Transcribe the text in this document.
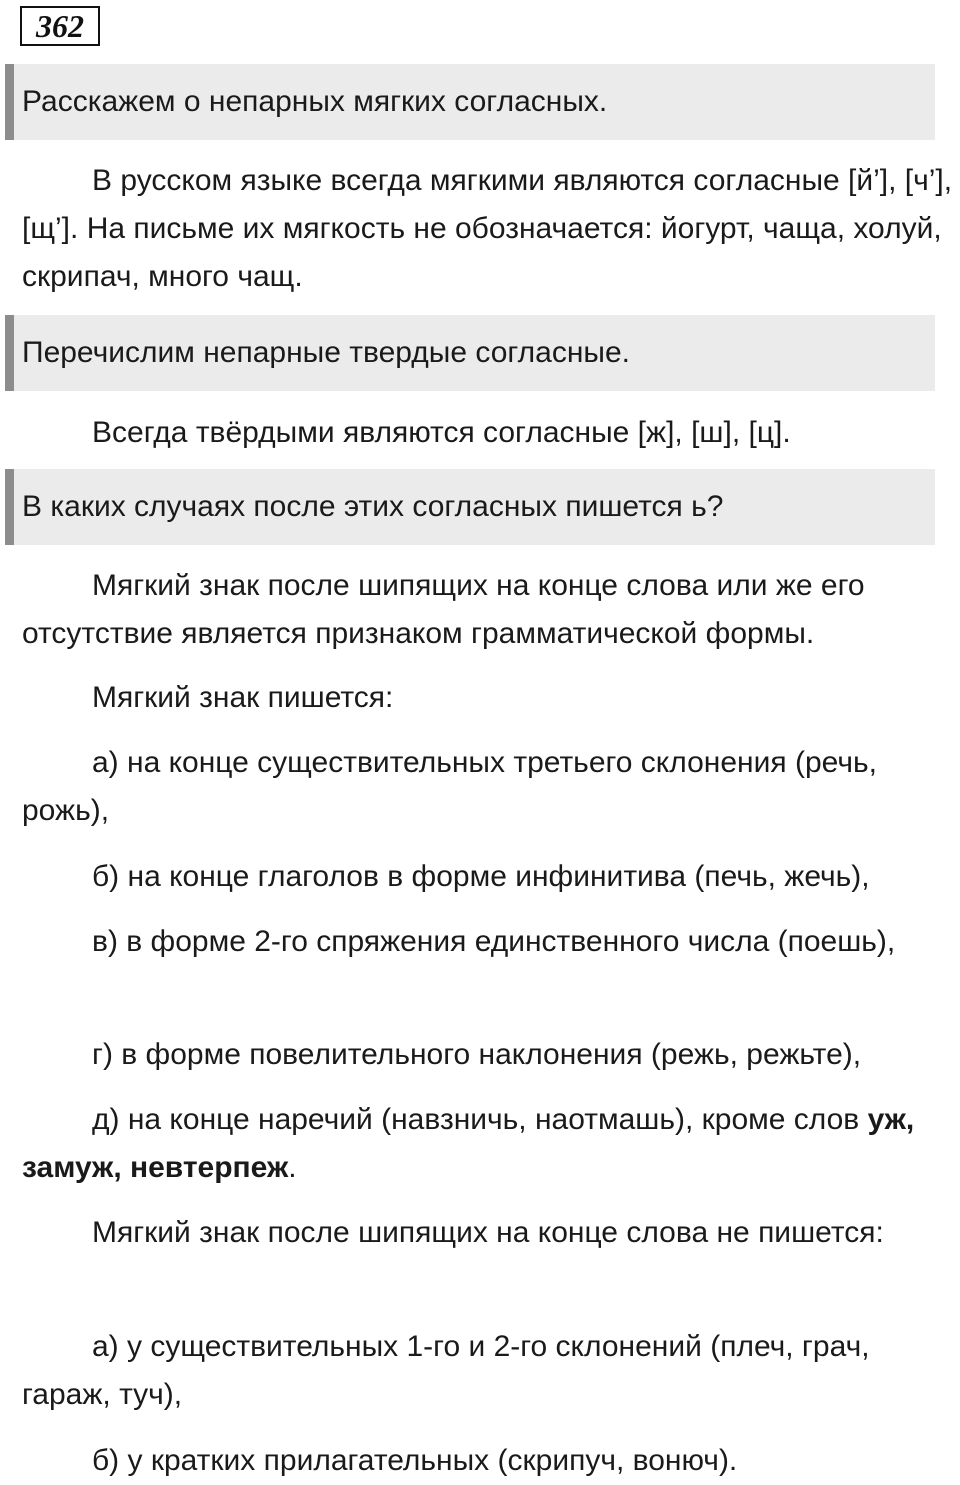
362
Расскажем о непарных мягких согласных.

В русском языке всегда мягкими являются согласные [й’], [ч’], [щ’]. На письме их мягкость не обозначается: йогурт, чаща, холуй, скрипач, много чащ.

Перечислим непарные твердые согласные.

Всегда твёрдыми являются согласные [ж], [ш], [ц].

В каких случаях после этих согласных пишется ь?

Мягкий знак после шипящих на конце слова или же его отсутствие является признаком грамматической формы.

Мягкий знак пишется:

а) на конце существительных третьего склонения (речь, рожь),

б) на конце глаголов в форме инфинитива (печь, жечь),

в) в форме 2-го спряжения единственного числа (поешь),

г) в форме повелительного наклонения (режь, режьте),

д) на конце наречий (навзничь, наотмашь), кроме слов уж, замуж, невтерпеж.

Мягкий знак после шипящих на конце слова не пишется:

а) у существительных 1-го и 2-го склонений (плеч, грач, гараж, туч),

б) у кратких прилагательных (скрипуч, вонюч).
